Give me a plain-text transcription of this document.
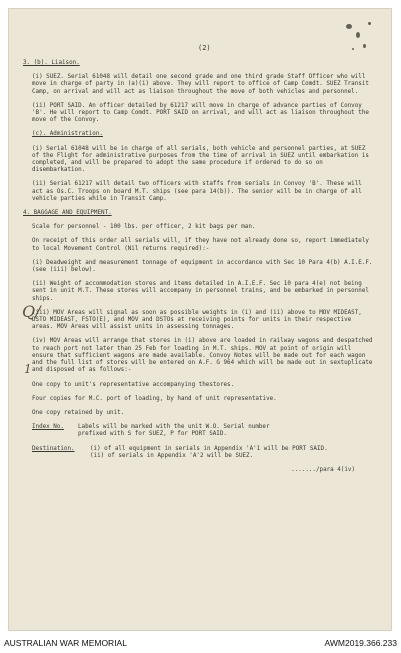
(2)

3. (b). Liaison.

(i) SUEZ. Serial 61048 will detail one second grade and one third grade Staff Officer who will move in charge of party in (a)(i) above. They will report to office of Camp Comdt. SUEZ Transit Camp, on arrival and will act as liaison throughout the move of both vehicles and personnel.

(ii) PORT SAID. An officer detailed by 61217 will move in charge of advance parties of Convoy 'B'. He will report to Camp Comdt. PORT SAID on arrival, and will act as liaison throughout the move of the Convoy.

(c). Administration.

(i) Serial 61048 will be in charge of all serials, both vehicle and personnel parties, at SUEZ of the Flight for administrative purposes from the time of arrival in SUEZ until embarkation is completed, and will be prepared to adopt the same procedure if ordered to do so on disembarkation.

(ii) Serial 61217 will detail two officers with staffs from serials in Convoy 'B'. These will act as Os.C. Troops on board M.T. ships (see para 14(b)). The senior will be in charge of all vehicle parties while in Transit Camp.

4. BAGGAGE AND EQUIPMENT.

Scale for personnel - 100 lbs. per officer, 2 kit bags per man.

On receipt of this order all serials will, if they have not already done so, report immediately to local Movement Control (Nil returns required):-

(i) Deadweight and measurement tonnage of equipment in accordance with Sec 10 Para 4(b) A.I.E.F. (see (iii) below).

(ii) Weight of accommodation stores and items detailed in A.I.E.F. Sec 10 para 4(e) not being sent in unit M.T. These stores will accompany in personnel trains, and be embarked in personnel ships.

(iii) MOV Areas will signal as soon as possible weights in (i) and (ii) above to MOV MIDEAST, DSTO MIDEAST, FSTO(E), and MOV and DSTOs at receiving points for units in their respective areas. MOV Areas will assist units in assessing tonnages.

(iv) MOV Areas will arrange that stores in (i) above are loaded in railway wagons and despatched to reach port not later than 25 Feb for loading in M.T. ships. MOV at point of origin will ensure that sufficient wagons are made available. Convoy Notes will be made out for each wagon and the full list of stores will be entered on A.F. G 964 which will be made out in sextuplicate and disposed of as follows:-

One copy to unit's representative accompanying thestores.

Four copies for M.C. port of loading, by hand of unit representative.

One copy retained by unit.

Index No.	Labels will be marked with the unit W.O. Serial number
prefixed with S for SUEZ, P for PORT SAID.
Destination.	(i) of all equipment in serials in Appendix 'A'1 will be PORT SAID.
(ii) of serials in Appendix 'A'2 will be SUEZ.

......./para 4(iv)

Q/
1
AUSTRALIAN WAR MEMORIAL	AWM2019.366.233
